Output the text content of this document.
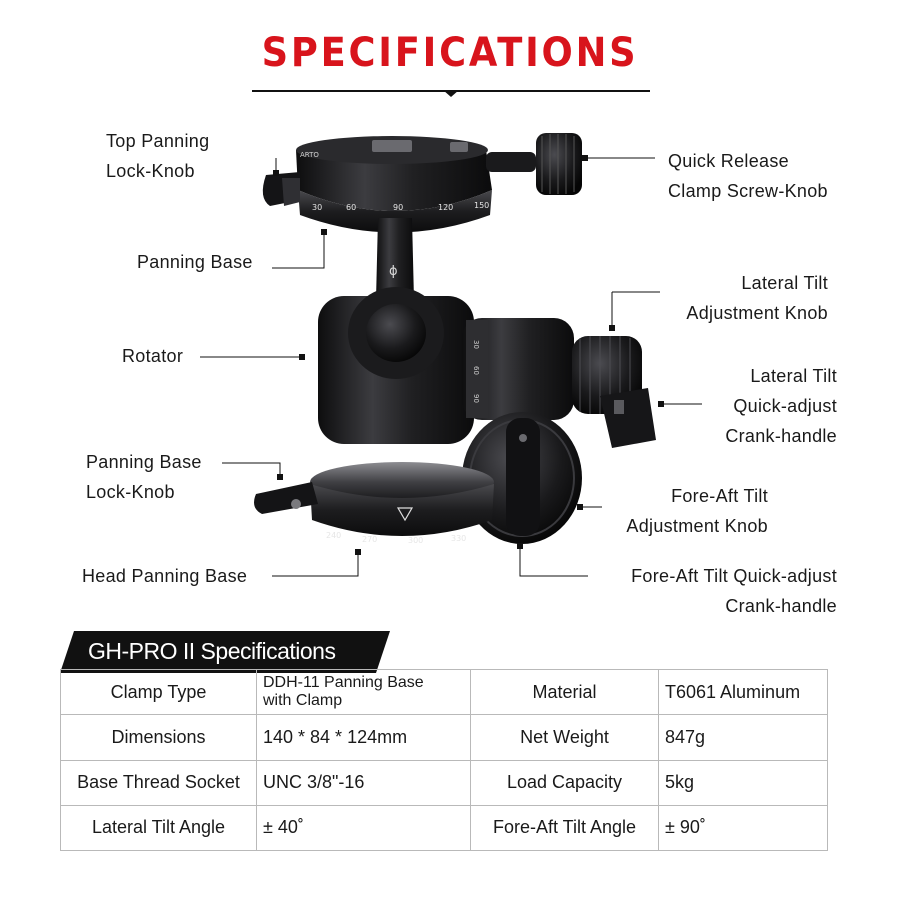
SPECIFICATIONS
ARTO
30	60	90	120	150
ϕ
30
60
90
240	270	300	330
Top Panning
Lock-Knob	Quick Release
Clamp Screw-Knob
Panning Base
Lateral Tilt
Adjustment Knob
Rotator
Lateral Tilt
Quick-adjust
Crank-handle
Panning Base
Lock-Knob	Fore-Aft Tilt
Adjustment Knob
Head Panning Base	Fore-Aft Tilt Quick-adjust
Crank-handle
GH-PRO II Specifications
Clamp Type	DDH-11 Panning Base
with Clamp	Material	T6061 Aluminum
Dimensions	140 * 84 * 124mm	Net Weight	847g
Base Thread Socket	UNC 3/8"-16	Load Capacity	5kg
Lateral Tilt Angle	± 40˚	Fore-Aft Tilt Angle	± 90˚
